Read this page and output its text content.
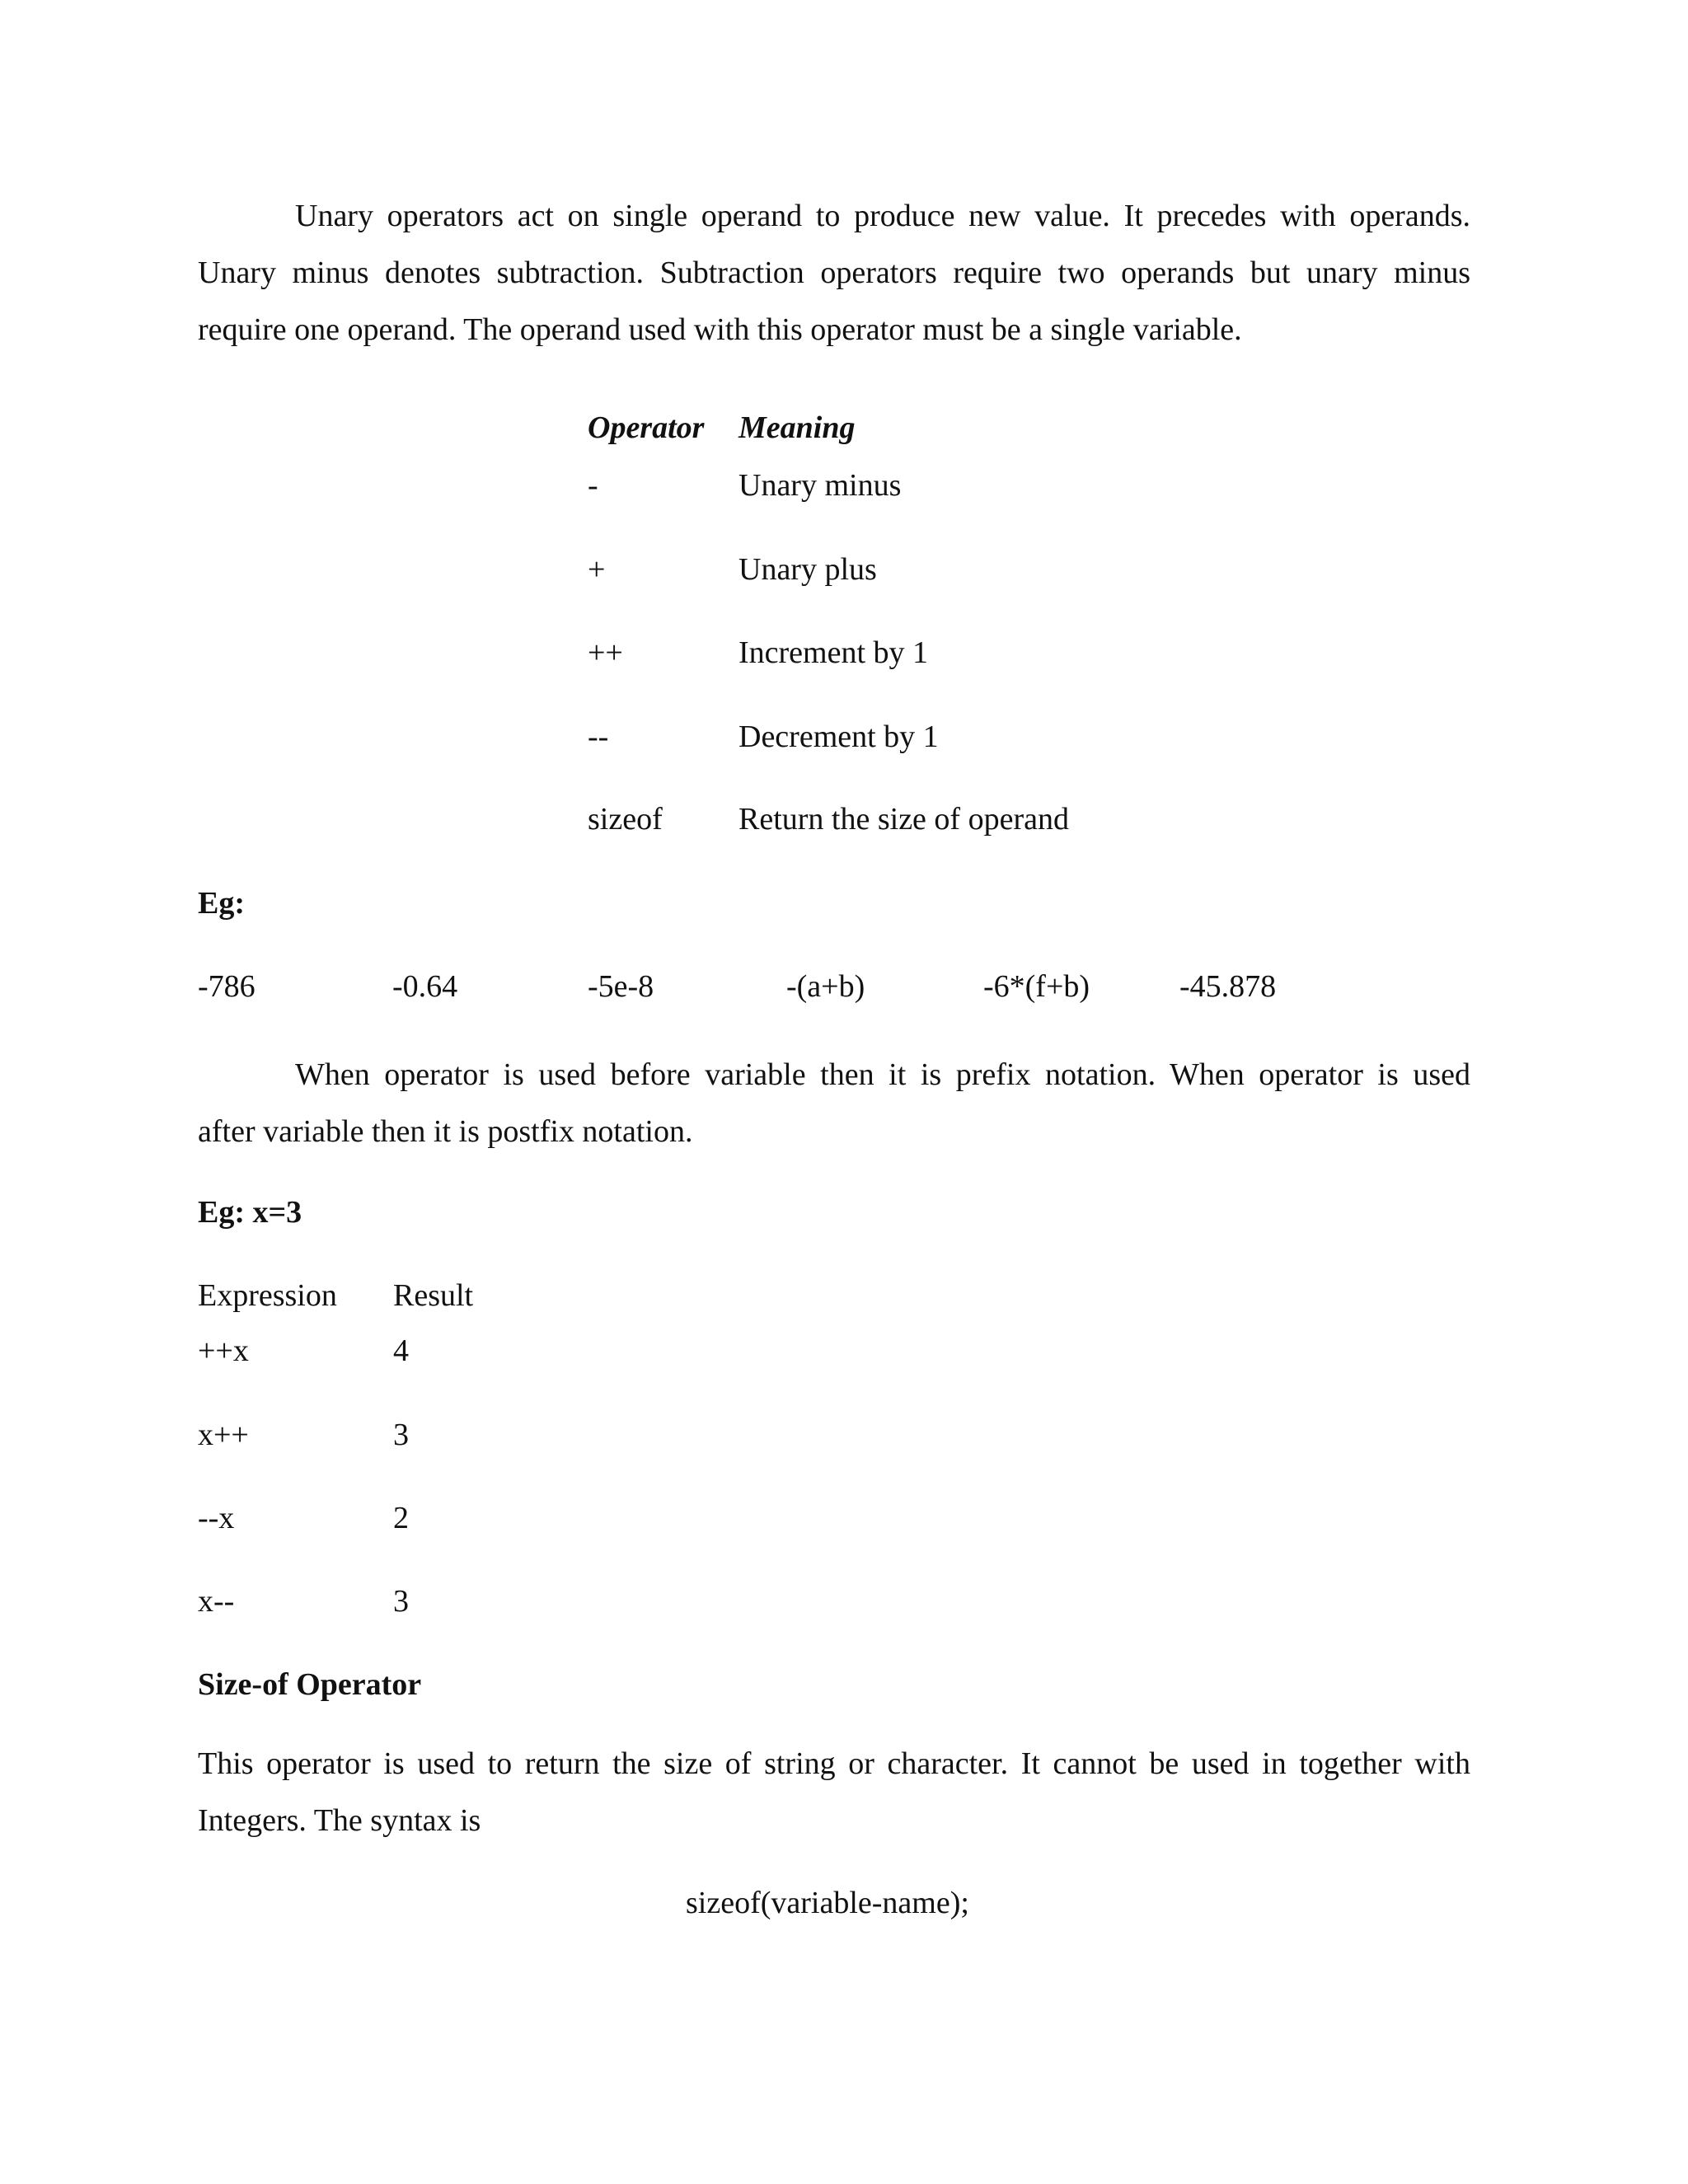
Unary operators act on single operand to produce new value. It precedes with operands.
Unary minus denotes subtraction. Subtraction operators require two operands but unary minus
require one operand. The operand used with this operator must be a single variable.
Operator Meaning
-	Unary minus
+	Unary plus
++	Increment by 1
--	Decrement by 1
sizeof Return the size of operand
Eg:
-786	-0.64	-5e-8	-(a+b)	-6*(f+b)	-45.878
When operator is used before variable then it is prefix notation. When operator is used
after variable then it is postfix notation.
Eg: x=3
Expression Result
++x	4
x++	3
--x	2
x--	3
Size-of Operator
This operator is used to return the size of string or character. It cannot be used in together with
Integers. The syntax is
sizeof(variable-name);
